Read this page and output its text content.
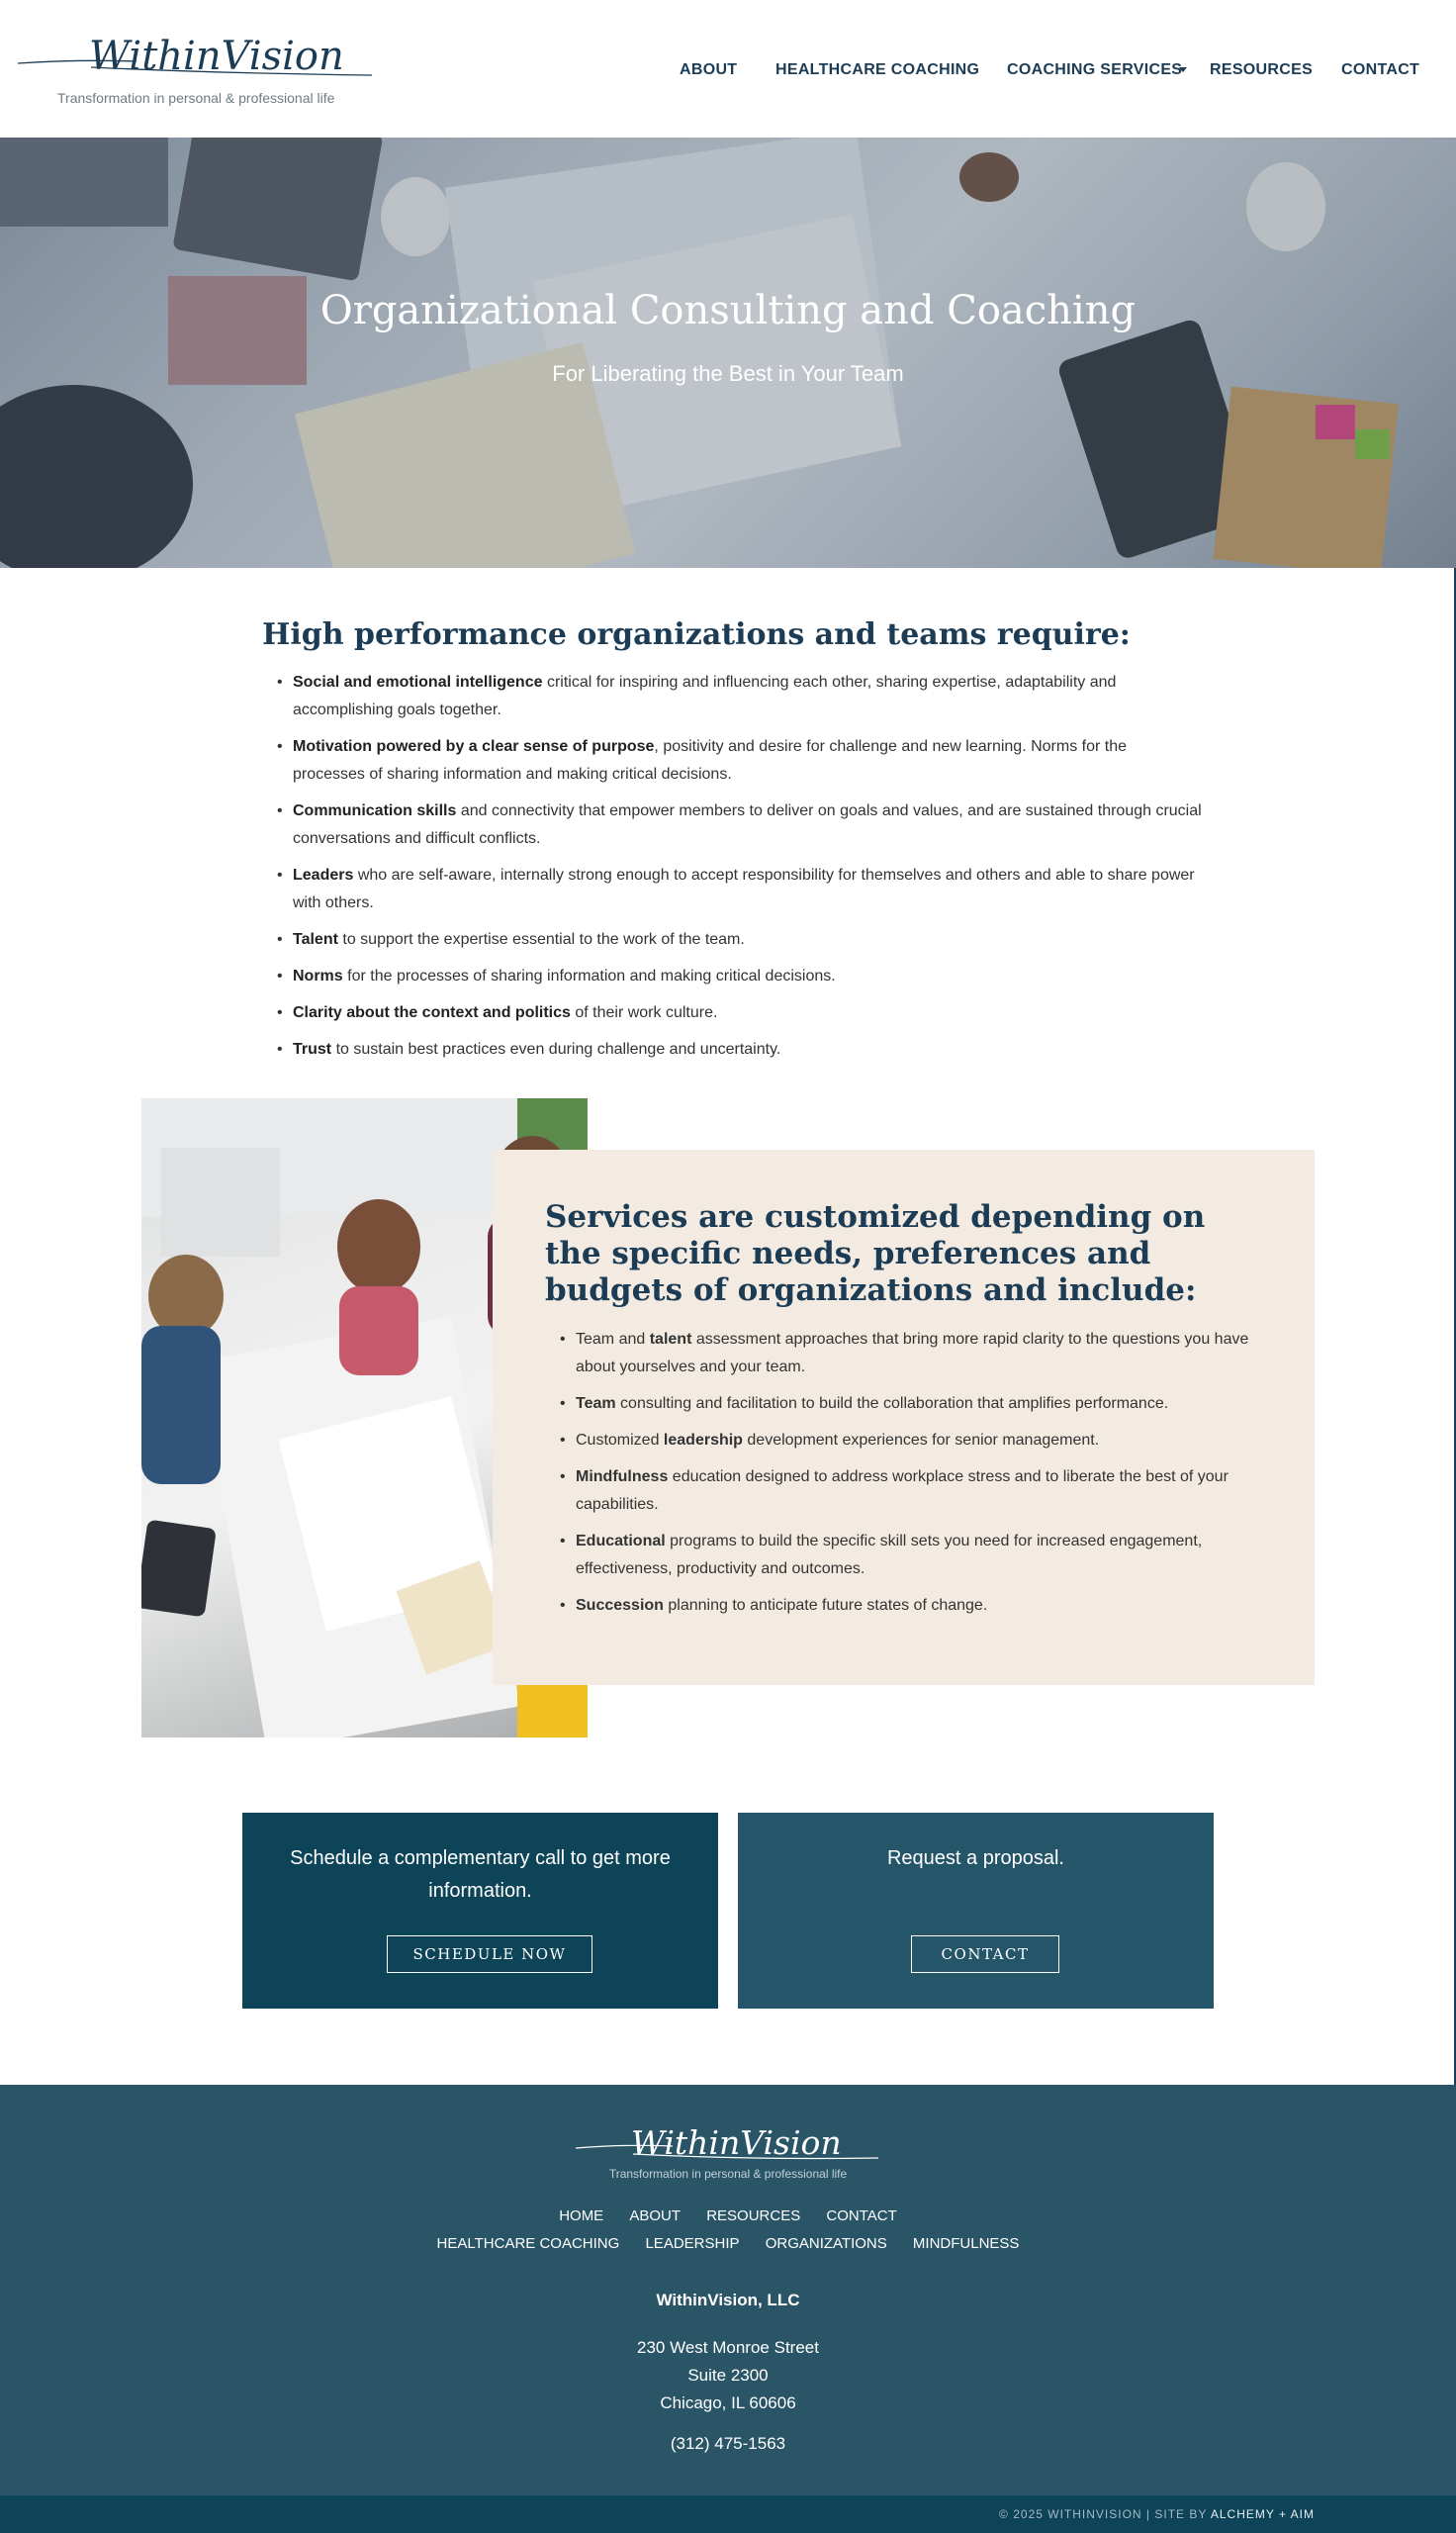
WithinVision
Transformation in personal & professional life
ABOUT HEALTHCARE COACHING COACHING SERVICES RESOURCES CONTACT
Organizational Consulting and Coaching
For Liberating the Best in Your Team
High performance organizations and teams require:
• Social and emotional intelligence critical for inspiring and influencing each other, sharing expertise, adaptability and accomplishing goals together.
• Motivation powered by a clear sense of purpose, positivity and desire for challenge and new learning. Norms for the processes of sharing information and making critical decisions.
• Communication skills and connectivity that empower members to deliver on goals and values, and are sustained through crucial conversations and difficult conflicts.
• Leaders who are self-aware, internally strong enough to accept responsibility for themselves and others and able to share power with others.
• Talent to support the expertise essential to the work of the team.
• Norms for the processes of sharing information and making critical decisions.
• Clarity about the context and politics of their work culture.
• Trust to sustain best practices even during challenge and uncertainty.
Services are customized depending on the specific needs, preferences and budgets of organizations and include:
• Team and talent assessment approaches that bring more rapid clarity to the questions you have about yourselves and your team.
• Team consulting and facilitation to build the collaboration that amplifies performance.
• Customized leadership development experiences for senior management.
• Mindfulness education designed to address workplace stress and to liberate the best of your capabilities.
• Educational programs to build the specific skill sets you need for increased engagement, effectiveness, productivity and outcomes.
• Succession planning to anticipate future states of change.
Schedule a complementary call to get more information.
SCHEDULE NOW
Request a proposal.
CONTACT
WithinVision
Transformation in personal & professional life
HOME ABOUT RESOURCES CONTACT
HEALTHCARE COACHING LEADERSHIP ORGANIZATIONS MINDFULNESS
WithinVision, LLC
230 West Monroe Street
Suite 2300
Chicago, IL 60606
(312) 475-1563
© 2025 WITHINVISION | SITE BY ALCHEMY + AIM
